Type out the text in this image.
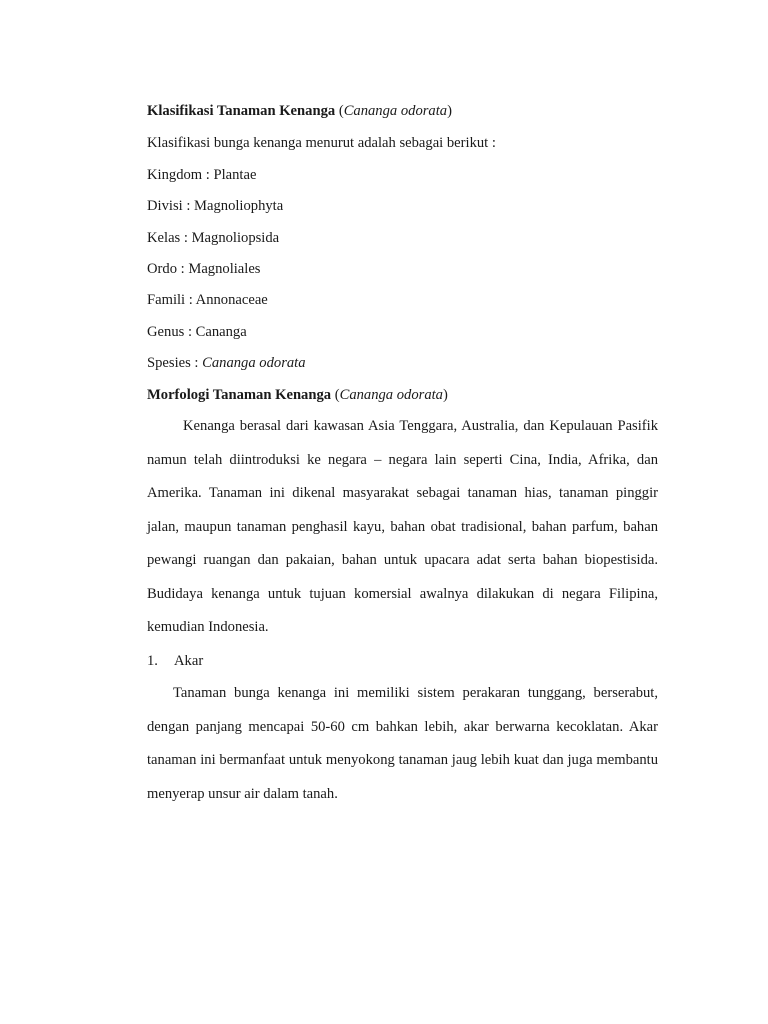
Klasifikasi Tanaman Kenanga (Cananga odorata)
Klasifikasi bunga kenanga menurut adalah sebagai berikut :
Kingdom : Plantae
Divisi : Magnoliophyta
Kelas : Magnoliopsida
Ordo : Magnoliales
Famili : Annonaceae
Genus : Cananga
Spesies : Cananga odorata
Morfologi Tanaman Kenanga (Cananga odorata)

Kenanga berasal dari kawasan Asia Tenggara, Australia, dan Kepulauan Pasifik namun telah diintroduksi ke negara – negara lain seperti Cina, India, Afrika, dan Amerika. Tanaman ini dikenal masyarakat sebagai tanaman hias, tanaman pinggir jalan, maupun tanaman penghasil kayu, bahan obat tradisional, bahan parfum, bahan pewangi ruangan dan pakaian, bahan untuk upacara adat serta bahan biopestisida. Budidaya kenanga untuk tujuan komersial awalnya dilakukan di negara Filipina, kemudian Indonesia.

1. Akar

Tanaman bunga kenanga ini memiliki sistem perakaran tunggang, berserabut, dengan panjang mencapai 50-60 cm bahkan lebih, akar berwarna kecoklatan. Akar tanaman ini bermanfaat untuk menyokong tanaman jaug lebih kuat dan juga membantu menyerap unsur air dalam tanah.
